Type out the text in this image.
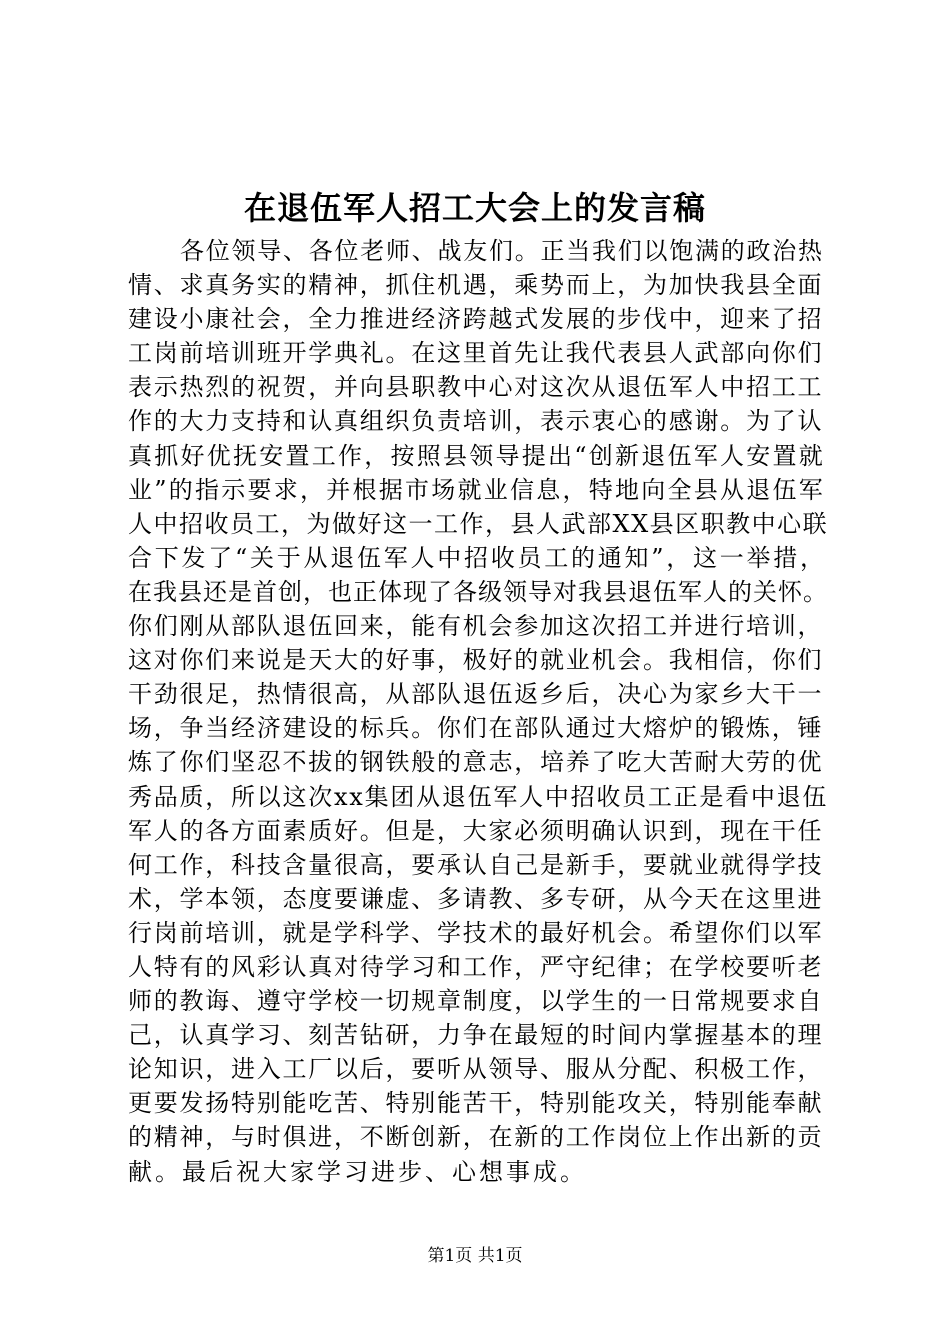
在退伍军人招工大会上的发言稿
各位领导、各位老师、战友们。正当我们以饱满的政治热
情、求真务实的精神，抓住机遇，乘势而上，为加快我县全面
建设小康社会，全力推进经济跨越式发展的步伐中，迎来了招
工岗前培训班开学典礼。在这里首先让我代表县人武部向你们
表示热烈的祝贺，并向县职教中心对这次从退伍军人中招工工
作的大力支持和认真组织负责培训，表示衷心的感谢。为了认
真抓好优抚安置工作，按照县领导提出“创新退伍军人安置就
业”的指示要求，并根据市场就业信息，特地向全县从退伍军
人中招收员工，为做好这一工作，县人武部XX县区职教中心联
合下发了“关于从退伍军人中招收员工的通知”，这一举措，
在我县还是首创，也正体现了各级领导对我县退伍军人的关怀。
你们刚从部队退伍回来，能有机会参加这次招工并进行培训，
这对你们来说是天大的好事，极好的就业机会。我相信，你们
干劲很足，热情很高，从部队退伍返乡后，决心为家乡大干一
场，争当经济建设的标兵。你们在部队通过大熔炉的锻炼，锤
炼了你们坚忍不拔的钢铁般的意志，培养了吃大苦耐大劳的优
秀品质，所以这次xx集团从退伍军人中招收员工正是看中退伍
军人的各方面素质好。但是，大家必须明确认识到，现在干任
何工作，科技含量很高，要承认自己是新手，要就业就得学技
术，学本领，态度要谦虚、多请教、多专研，从今天在这里进
行岗前培训，就是学科学、学技术的最好机会。希望你们以军
人特有的风彩认真对待学习和工作，严守纪律；在学校要听老
师的教诲、遵守学校一切规章制度，以学生的一日常规要求自
己，认真学习、刻苦钻研，力争在最短的时间内掌握基本的理
论知识，进入工厂以后，要听从领导、服从分配、积极工作，
更要发扬特别能吃苦、特别能苦干，特别能攻关，特别能奉献
的精神，与时俱进，不断创新，在新的工作岗位上作出新的贡
献。最后祝大家学习进步、心想事成。
第1页 共1页
